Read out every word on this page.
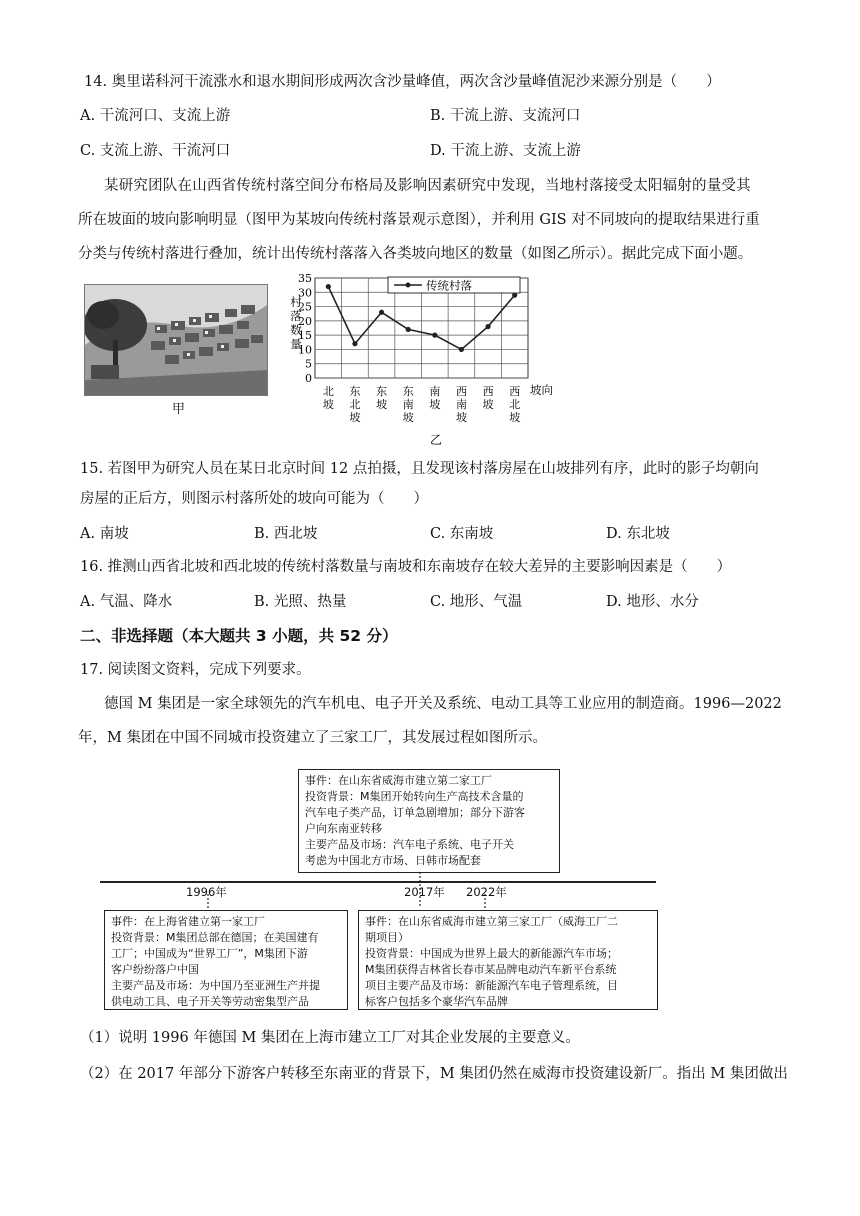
14. 奥里诺科河干流涨水和退水期间形成两次含沙量峰值，两次含沙量峰值泥沙来源分别是（　　）
A. 干流河口、支流上游	B. 干流上游、支流河口
C. 支流上游、干流河口	D. 干流上游、支流上游
某研究团队在山西省传统村落空间分布格局及影响因素研究中发现，当地村落接受太阳辐射的量受其
所在坡面的坡向影响明显（图甲为某坡向传统村落景观示意图），并利用 GIS 对不同坡向的提取结果进行重
分类与传统村落进行叠加，统计出传统村落落入各类坡向地区的数量（如图乙所示）。据此完成下面小题。
甲
0
5
10
15
20
25
30
35
北坡
东北坡
东坡
东南坡
南坡
西南坡
西坡
西北坡
传统村落
村落数量
坡向
乙
15. 若图甲为研究人员在某日北京时间 12 点拍摄，且发现该村落房屋在山坡排列有序，此时的影子均朝向
房屋的正后方，则图示村落所处的坡向可能为（　　）
A. 南坡	B. 西北坡	C. 东南坡	D. 东北坡
16. 推测山西省北坡和西北坡的传统村落数量与南坡和东南坡存在较大差异的主要影响因素是（　　）
A. 气温、降水	B. 光照、热量	C. 地形、气温	D. 地形、水分
二、非选择题（本大题共 3 小题，共 52 分）
17. 阅读图文资料，完成下列要求。
德国 M 集团是一家全球领先的汽车机电、电子开关及系统、电动工具等工业应用的制造商。1996—2022
年，M 集团在中国不同城市投资建立了三家工厂，其发展过程如图所示。
事件：在山东省威海市建立第二家工厂
投资背景：M集团开始转向生产高技术含量的
汽车电子类产品，订单急剧增加；部分下游客
户向东南亚转移
主要产品及市场：汽车电子系统、电子开关
考虑为中国北方市场、日韩市场配套
1996年	2017年 2022年
事件：在上海省建立第一家工厂
投资背景：M集团总部在德国；在美国建有
工厂；中国成为“世界工厂”，M集团下游
客户纷纷落户中国
主要产品及市场：为中国乃至亚洲生产并提
供电动工具、电子开关等劳动密集型产品
事件：在山东省威海市建立第三家工厂（威海工厂二
期项目）
投资背景：中国成为世界上最大的新能源汽车市场；
M集团获得吉林省长春市某品牌电动汽车新平台系统
项目主要产品及市场：新能源汽车电子管理系统，目
标客户包括多个豪华汽车品牌
（1）说明 1996 年德国 M 集团在上海市建立工厂对其企业发展的主要意义。
（2）在 2017 年部分下游客户转移至东南亚的背景下，M 集团仍然在威海市投资建设新厂。指出 M 集团做出
